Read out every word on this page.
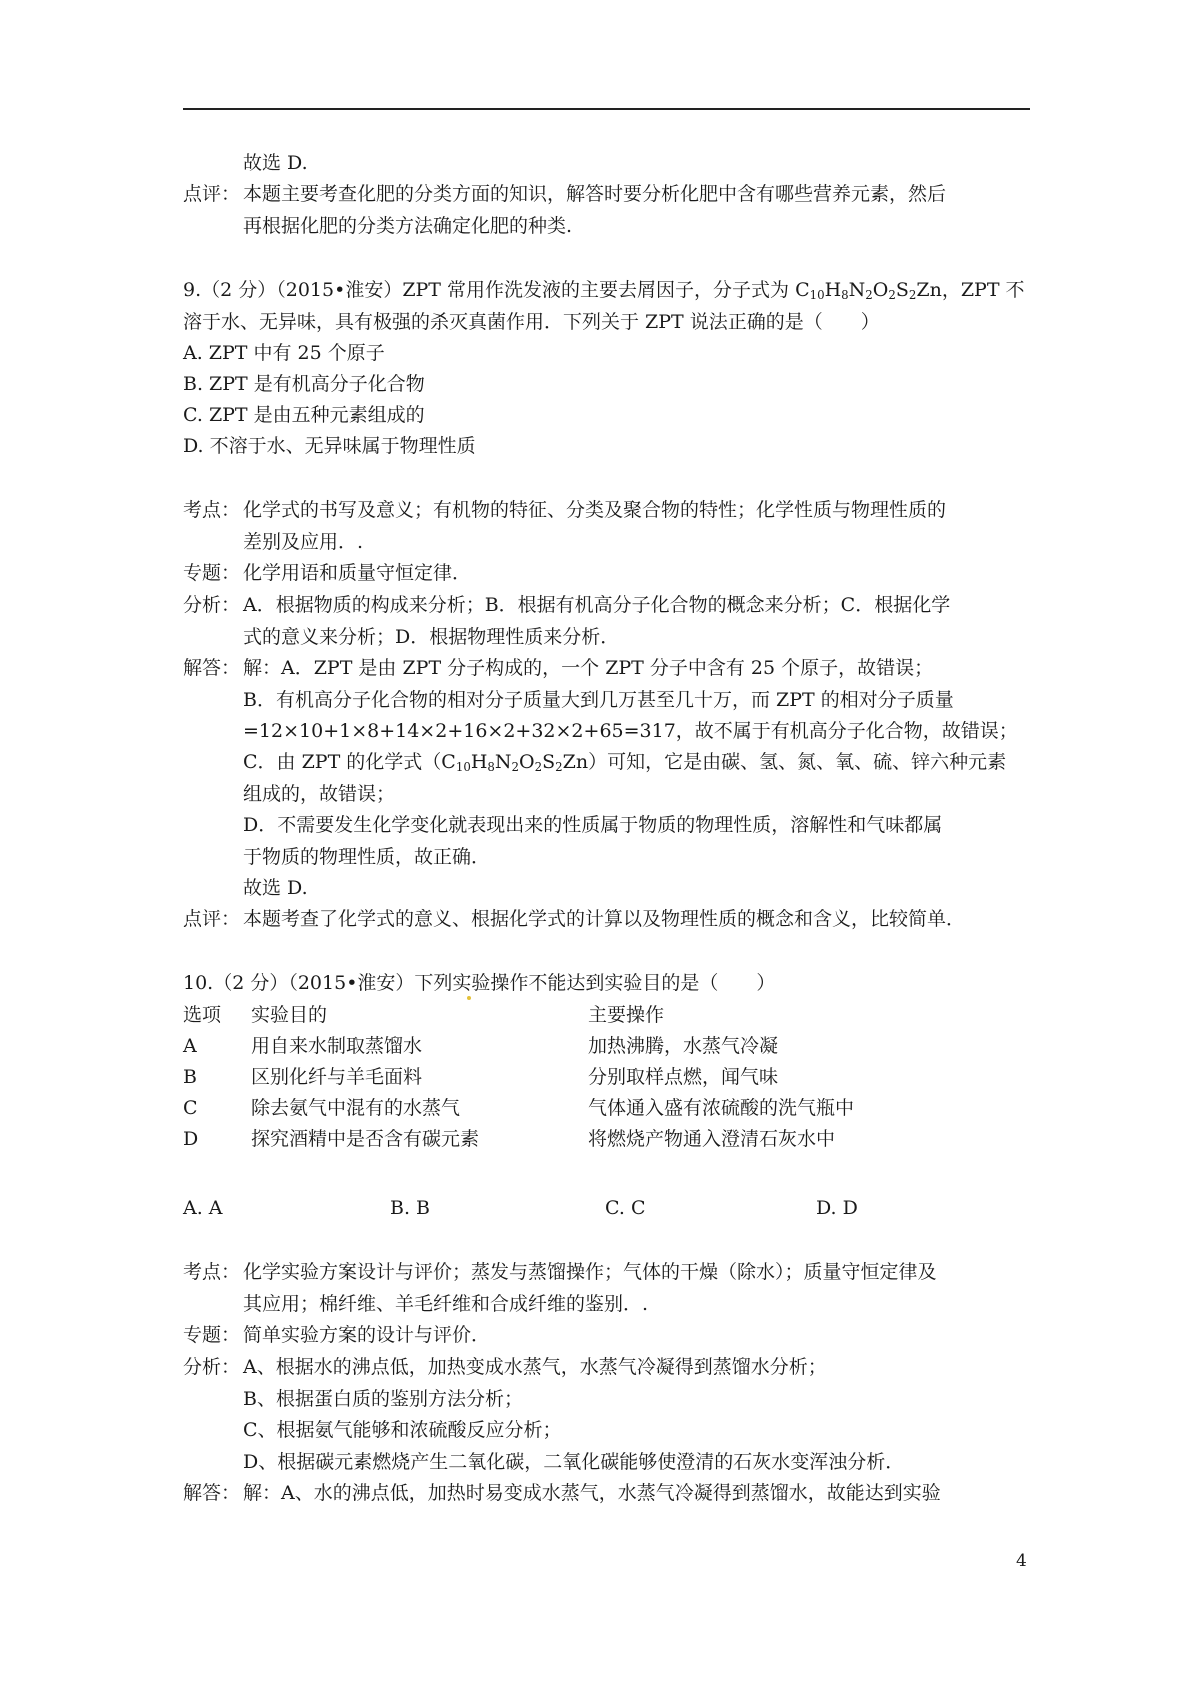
故选 D.
点评： 本题主要考查化肥的分类方面的知识，解答时要分析化肥中含有哪些营养元素，然后
再根据化肥的分类方法确定化肥的种类.
9.（2 分）（2015•淮安）ZPT 常用作洗发液的主要去屑因子，分子式为 $C_{10}H_8N_2O_2S_2Zn$，ZPT 不
溶于水、无异味，具有极强的杀灭真菌作用．下列关于 ZPT 说法正确的是（　　）
A. ZPT 中有 25 个原子
B. ZPT 是有机高分子化合物
C. ZPT 是由五种元素组成的
D. 不溶于水、无异味属于物理性质
考点： 化学式的书写及意义；有机物的特征、分类及聚合物的特性；化学性质与物理性质的
差别及应用．.
专题： 化学用语和质量守恒定律．
分析： A．根据物质的构成来分析；B．根据有机高分子化合物的概念来分析；C．根据化学
式的意义来分析；D．根据物理性质来分析．
解答： 解：A．ZPT 是由 ZPT 分子构成的，一个 ZPT 分子中含有 25 个原子，故错误；
B．有机高分子化合物的相对分子质量大到几万甚至几十万，而 ZPT 的相对分子质量
=12×10+1×8+14×2+16×2+32×2+65=317，故不属于有机高分子化合物，故错误；
C．由 ZPT 的化学式$(C_{10}H_8N_2O_2S_2Zn)$可知，它是由碳、氢、氮、氧、硫、锌六种元素
组成的，故错误；
D．不需要发生化学变化就表现出来的性质属于物质的物理性质，溶解性和气味都属
于物质的物理性质，故正确．
故选 D.
点评： 本题考查了化学式的意义、根据化学式的计算以及物理性质的概念和含义，比较简单．
10.（2 分）（2015•淮安）下列实验操作不能达到实验目的是（　　）
选项 实验目的	主要操作
A	用自来水制取蒸馏水	加热沸腾，水蒸气冷凝
B	区别化纤与羊毛面料	分别取样点燃，闻气味
C	除去氨气中混有的水蒸气	气体通入盛有浓硫酸的洗气瓶中
D	探究酒精中是否含有碳元素	将燃烧产物通入澄清石灰水中
A. A	B. B	C. C	D. D
考点： 化学实验方案设计与评价；蒸发与蒸馏操作；气体的干燥（除水）；质量守恒定律及
其应用；棉纤维、羊毛纤维和合成纤维的鉴别．.
专题： 简单实验方案的设计与评价．
分析： A、根据水的沸点低，加热变成水蒸气，水蒸气冷凝得到蒸馏水分析；
B、根据蛋白质的鉴别方法分析；
C、根据氨气能够和浓硫酸反应分析；
D、根据碳元素燃烧产生二氧化碳，二氧化碳能够使澄清的石灰水变浑浊分析．
解答： 解：A、水的沸点低，加热时易变成水蒸气，水蒸气冷凝得到蒸馏水，故能达到实验
4
